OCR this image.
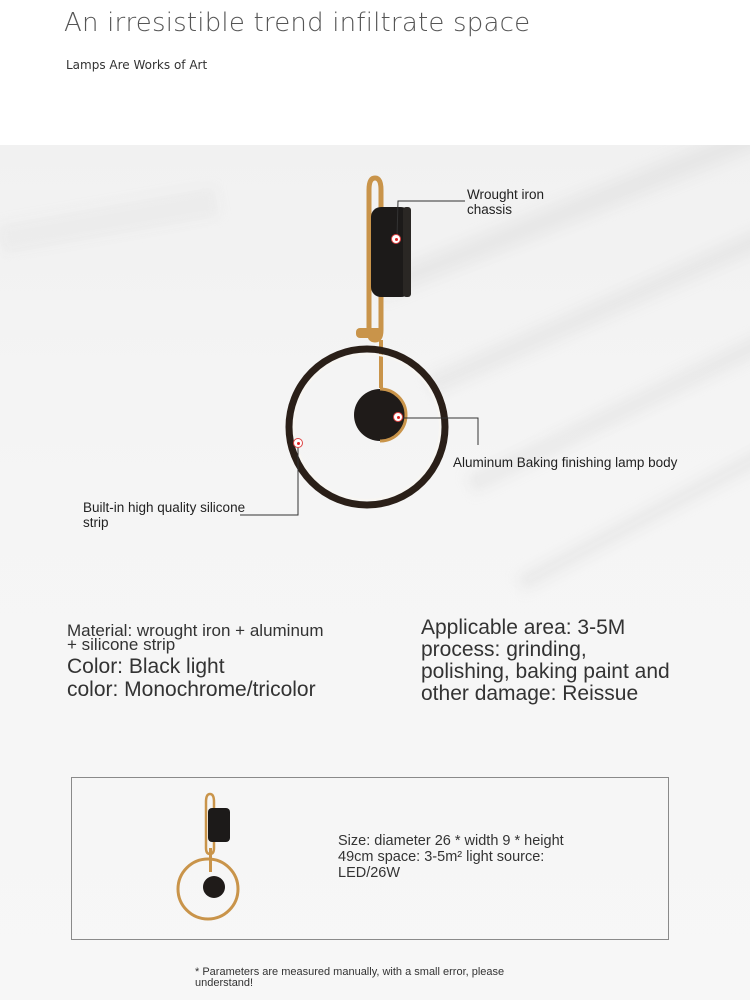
An irresistible trend infiltrate space
Lamps Are Works of Art
Wrought iron chassis
Aluminum Baking finishing lamp body
Built-in high quality silicone strip
Material: wrought iron + aluminum
+ silicone strip
Color: Black light
color: Monochrome/tricolor
Applicable area: 3-5M process: grinding, polishing, baking paint and other damage: Reissue
Size: diameter 26 * width 9 * height 49cm space: 3-5m² light source: LED/26W
* Parameters are measured manually, with a small error, please understand!
